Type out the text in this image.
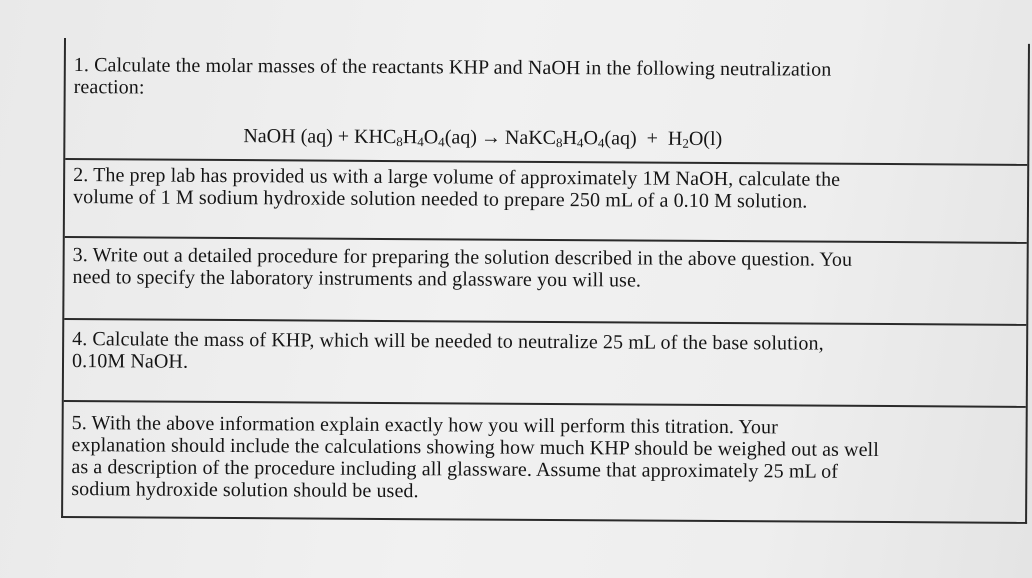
1. Calculate the molar masses of the reactants KHP and NaOH in the following neutralization
reaction:
NaOH $(aq) + KHC_8H_4O_4(aq)$ → $NaKC_8H_4O_4(aq) + H_2O(l)$
2. The prep lab has provided us with a large volume of approximately 1M NaOH, calculate the
volume of 1 M sodium hydroxide solution needed to prepare 250 mL of a 0.10 M solution.
3. Write out a detailed procedure for preparing the solution described in the above question. You
need to specify the laboratory instruments and glassware you will use.
4. Calculate the mass of KHP, which will be needed to neutralize 25 mL of the base solution,
0.10M NaOH.
5. With the above information explain exactly how you will perform this titration. Your
explanation should include the calculations showing how much KHP should be weighed out as well
as a description of the procedure including all glassware. Assume that approximately 25 mL of
sodium hydroxide solution should be used.
